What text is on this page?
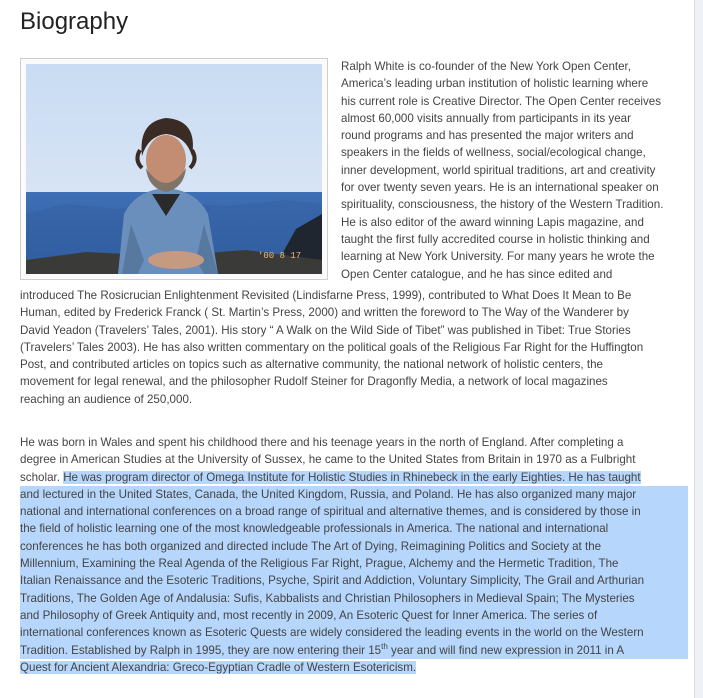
Biography
'00 8 17
Ralph White is co-founder of the New York Open Center,
America’s leading urban institution of holistic learning where
his current role is Creative Director. The Open Center receives
almost 60,000 visits annually from participants in its year
round programs and has presented the major writers and
speakers in the fields of wellness, social/ecological change,
inner development, world spiritual traditions, art and creativity
for over twenty seven years. He is an international speaker on
spirituality, consciousness, the history of the Western Tradition.
He is also editor of the award winning Lapis magazine, and
taught the first fully accredited course in holistic thinking and
learning at New York University. For many years he wrote the
Open Center catalogue, and he has since edited and
introduced The Rosicrucian Enlightenment Revisited (Lindisfarne Press, 1999), contributed to What Does It Mean to Be
Human, edited by Frederick Franck ( St. Martin’s Press, 2000) and written the foreword to The Way of the Wanderer by
David Yeadon (Travelers’ Tales, 2001). His story “ A Walk on the Wild Side of Tibet” was published in Tibet: True Stories
(Travelers’ Tales 2003). He has also written commentary on the political goals of the Religious Far Right for the Huffington
Post, and contributed articles on topics such as alternative community, the national network of holistic centers, the
movement for legal renewal, and the philosopher Rudolf Steiner for Dragonfly Media, a network of local magazines
reaching an audience of 250,000.
He was born in Wales and spent his childhood there and his teenage years in the north of England. After completing a
degree in American Studies at the University of Sussex, he came to the United States from Britain in 1970 as a Fulbright
scholar. He was program director of Omega Institute for Holistic Studies in Rhinebeck in the early Eighties. He has taught
and lectured in the United States, Canada, the United Kingdom, Russia, and Poland. He has also organized many major
national and international conferences on a broad range of spiritual and alternative themes, and is considered by those in
the field of holistic learning one of the most knowledgeable professionals in America. The national and international
conferences he has both organized and directed include The Art of Dying, Reimagining Politics and Society at the
Millennium, Examining the Real Agenda of the Religious Far Right, Prague, Alchemy and the Hermetic Tradition, The
Italian Renaissance and the Esoteric Traditions, Psyche, Spirit and Addiction, Voluntary Simplicity, The Grail and Arthurian
Traditions, The Golden Age of Andalusia: Sufis, Kabbalists and Christian Philosophers in Medieval Spain; The Mysteries
and Philosophy of Greek Antiquity and, most recently in 2009, An Esoteric Quest for Inner America. The series of
international conferences known as Esoteric Quests are widely considered the leading events in the world on the Western
Tradition. Established by Ralph in 1995, they are now entering their 15th year and will find new expression in 2011 in A
Quest for Ancient Alexandria: Greco-Egyptian Cradle of Western Esotericism.
